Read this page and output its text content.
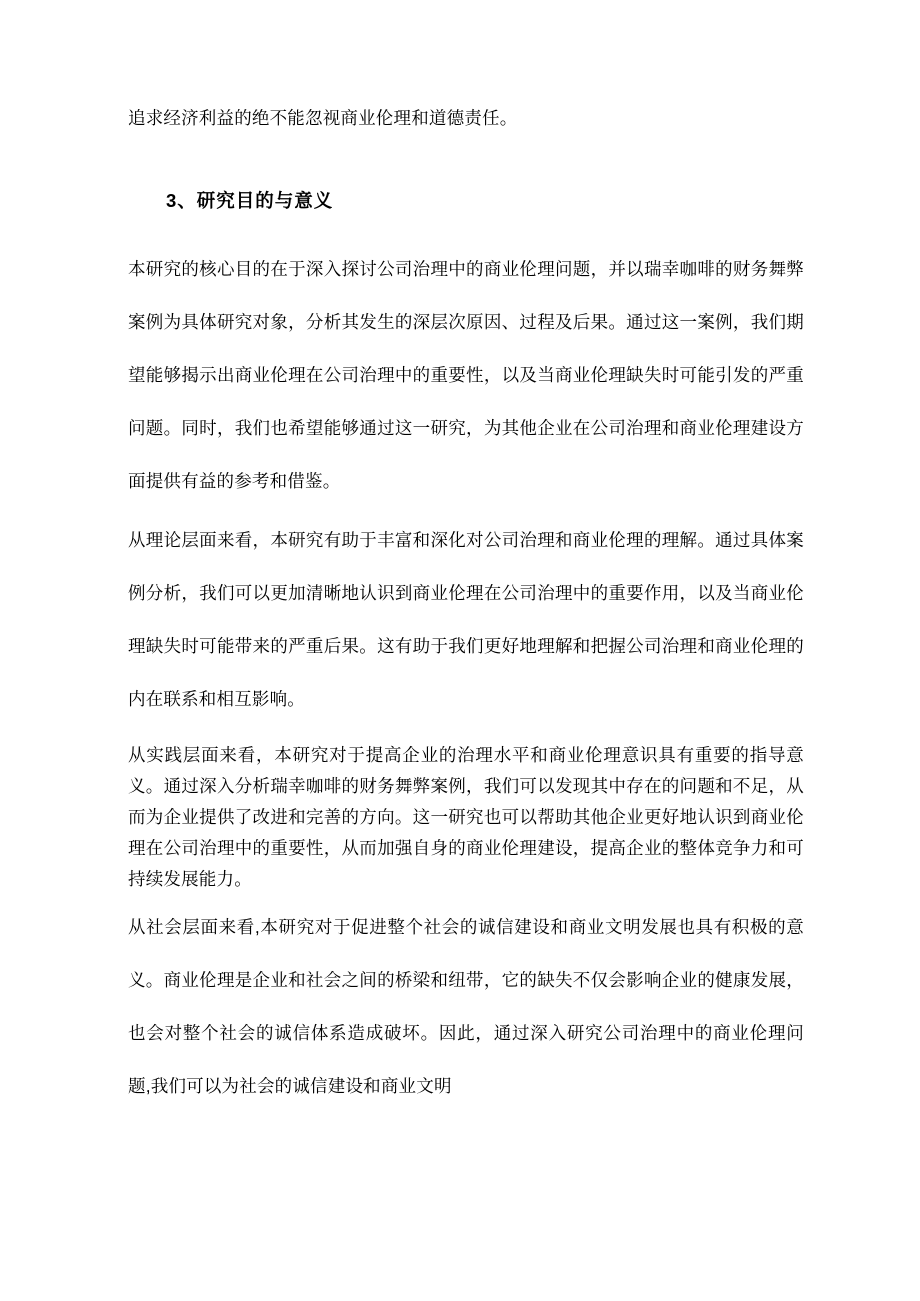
追求经济利益的绝不能忽视商业伦理和道德责任。

3、研究目的与意义

本研究的核心目的在于深入探讨公司治理中的商业伦理问题，并以瑞幸咖啡的财务舞弊案例为具体研究对象，分析其发生的深层次原因、过程及后果。通过这一案例，我们期望能够揭示出商业伦理在公司治理中的重要性，以及当商业伦理缺失时可能引发的严重问题。同时，我们也希望能够通过这一研究，为其他企业在公司治理和商业伦理建设方面提供有益的参考和借鉴。

从理论层面来看，本研究有助于丰富和深化对公司治理和商业伦理的理解。通过具体案例分析，我们可以更加清晰地认识到商业伦理在公司治理中的重要作用，以及当商业伦理缺失时可能带来的严重后果。这有助于我们更好地理解和把握公司治理和商业伦理的内在联系和相互影响。

从实践层面来看，本研究对于提高企业的治理水平和商业伦理意识具有重要的指导意义。通过深入分析瑞幸咖啡的财务舞弊案例，我们可以发现其中存在的问题和不足，从而为企业提供了改进和完善的方向。这一研究也可以帮助其他企业更好地认识到商业伦理在公司治理中的重要性，从而加强自身的商业伦理建设，提高企业的整体竞争力和可持续发展能力。

从社会层面来看,本研究对于促进整个社会的诚信建设和商业文明发展也具有积极的意义。商业伦理是企业和社会之间的桥梁和纽带，它的缺失不仅会影响企业的健康发展，也会对整个社会的诚信体系造成破坏。因此，通过深入研究公司治理中的商业伦理问题,我们可以为社会的诚信建设和商业文明
